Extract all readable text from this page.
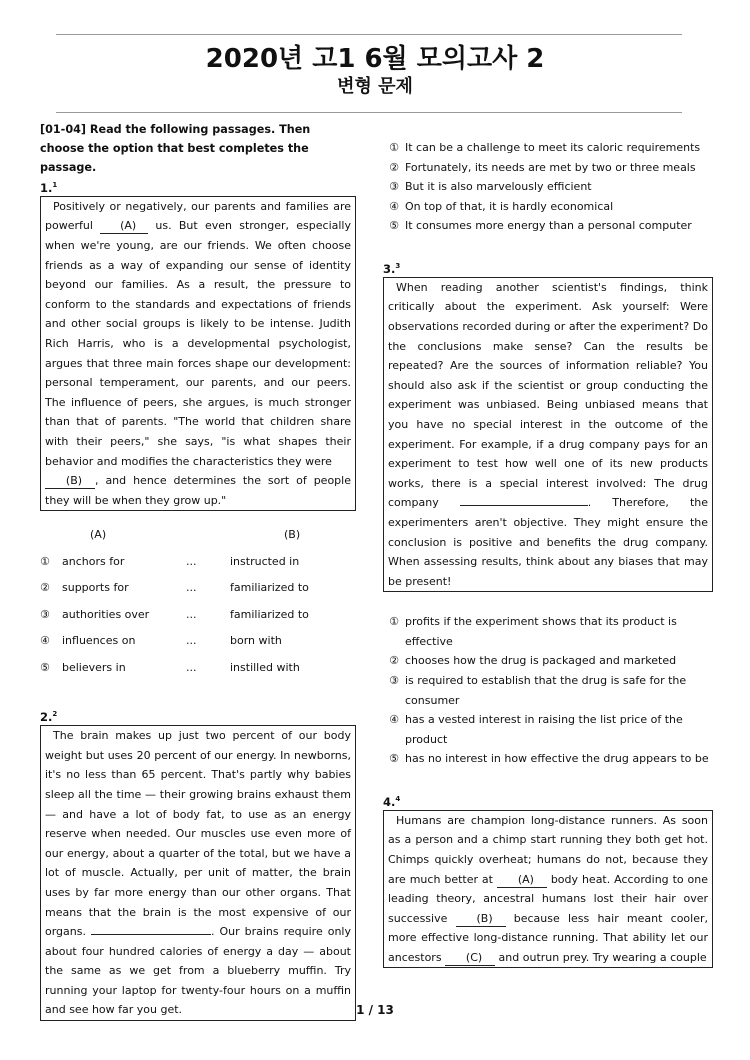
2020년 고1 6월 모의고사 2
변형 문제

[01-04] Read the following passages. Then choose the option that best completes the passage.

1.$^1$

Positively or negatively, our parents and families are powerful (A) us. But even stronger, especially when we're young, are our friends. We often choose friends as a way of expanding our sense of identity beyond our families. As a result, the pressure to conform to the standards and expectations of friends and other social groups is likely to be intense. Judith Rich Harris, who is a developmental psychologist, argues that three main forces shape our development: personal temperament, our parents, and our peers. The influence of peers, she argues, is much stronger than that of parents. "The world that children share with their peers," she says, "is what shapes their behavior and modifies the characteristics they were
(B) , and hence determines the sort of people they will be when they grow up."
(A)	(B)
①	anchors for	...	instructed in
②	supports for	...	familiarized to
③	authorities over	...	familiarized to
④	influences on	...	born with
⑤	believers in	...	instilled with

2.$^2$

The brain makes up just two percent of our body weight but uses 20 percent of our energy. In newborns, it's no less than 65 percent. That's partly why babies sleep all the time — their growing brains exhaust them — and have a lot of body fat, to use as an energy reserve when needed. Our muscles use even more of our energy, about a quarter of the total, but we have a lot of muscle. Actually, per unit of matter, the brain uses by far more energy than our other organs. That means that the brain is the most expensive of our organs.	. Our brains require only about four hundred calories of energy a day — about the same as we get from a blueberry muffin. Try running your laptop for twenty-four hours on a muffin and see how far you get.
① It can be a challenge to meet its caloric requirements
② Fortunately, its needs are met by two or three meals
③ But it is also marvelously efficient
④ On top of that, it is hardly economical
⑤ It consumes more energy than a personal computer

3.$^3$

When reading another scientist's findings, think critically about the experiment. Ask yourself: Were observations recorded during or after the experiment? Do the conclusions make sense? Can the results be repeated? Are the sources of information reliable? You should also ask if the scientist or group conducting the experiment was unbiased. Being unbiased means that you have no special interest in the outcome of the experiment. For example, if a drug company pays for an experiment to test how well one of its new products works, there is a special interest involved: The drug company	. Therefore, the experimenters aren't objective. They might ensure the conclusion is positive and benefits the drug company. When assessing results, think about any biases that may be present!
① profits if the experiment shows that its product is effective
② chooses how the drug is packaged and marketed
③ is required to establish that the drug is safe for the consumer
④ has a vested interest in raising the list price of the product
⑤ has no interest in how effective the drug appears to be

4.$^4$

Humans are champion long-distance runners. As soon as a person and a chimp start running they both get hot. Chimps quickly overheat; humans do not, because they are much better at (A) body heat. According to one leading theory, ancestral humans lost their hair over successive (B) because less hair meant cooler, more effective long-distance running. That ability let our ancestors (C) and outrun prey. Try wearing a couple
1 / 13
